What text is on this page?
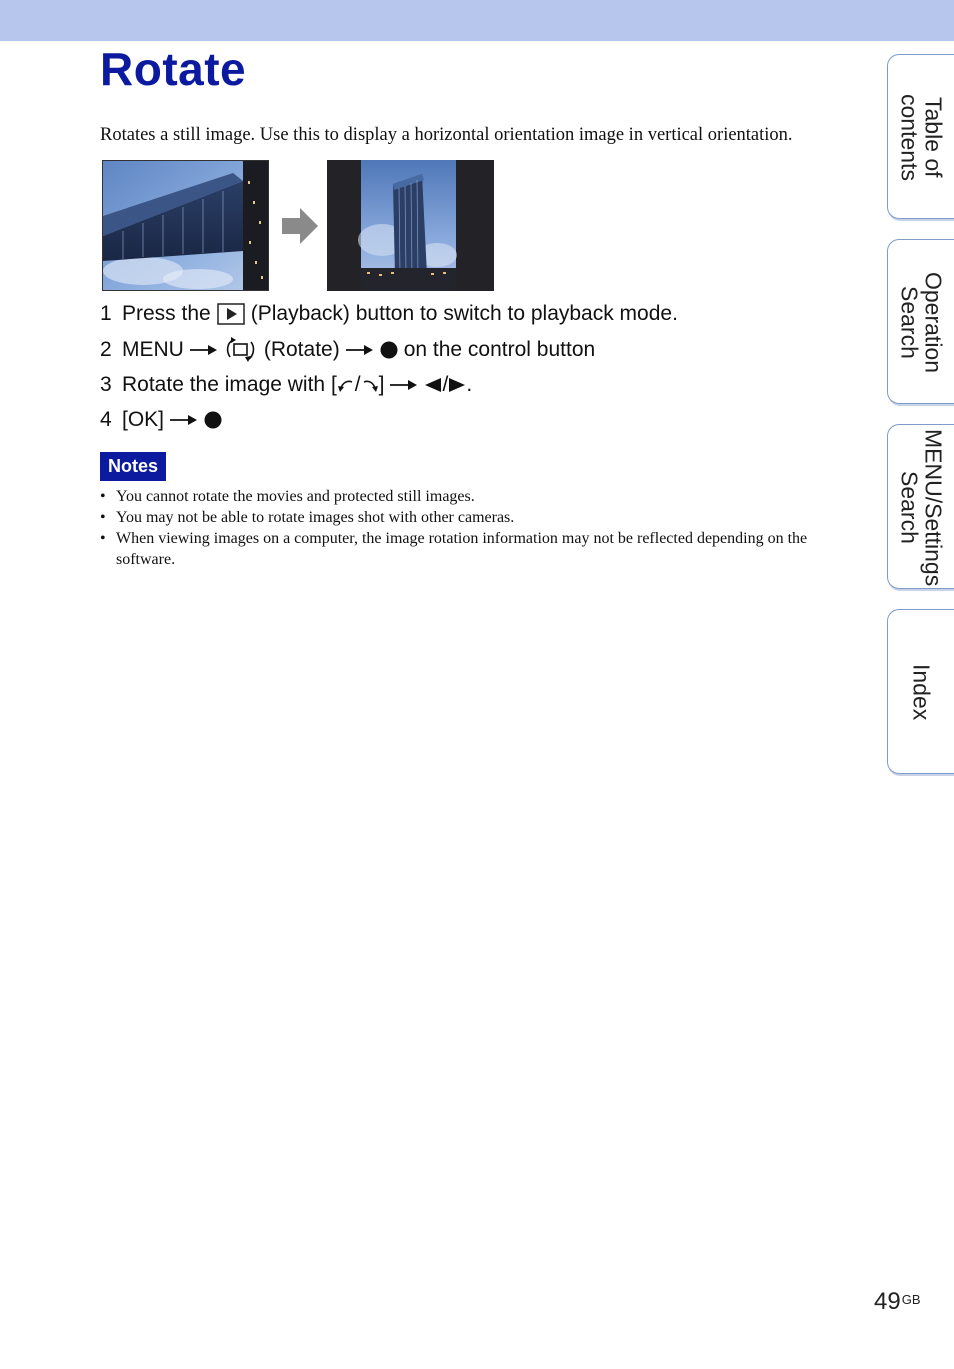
Rotate
Rotates a still image. Use this to display a horizontal orientation image in vertical orientation.
1 Press the (Playback) button to switch to playback mode.
2 MENU	(Rotate)	on the control button
3 Rotate the image with [ / ]	/ .
4 [OK]
Notes
• You cannot rotate the movies and protected still images.
• You may not be able to rotate images shot with other cameras.
• When viewing images on a computer, the image rotation information may not be reflected depending on the software.
Table of
contents
Operation
Search
MENU/Settings
Search
Index
$49^{GB}$
